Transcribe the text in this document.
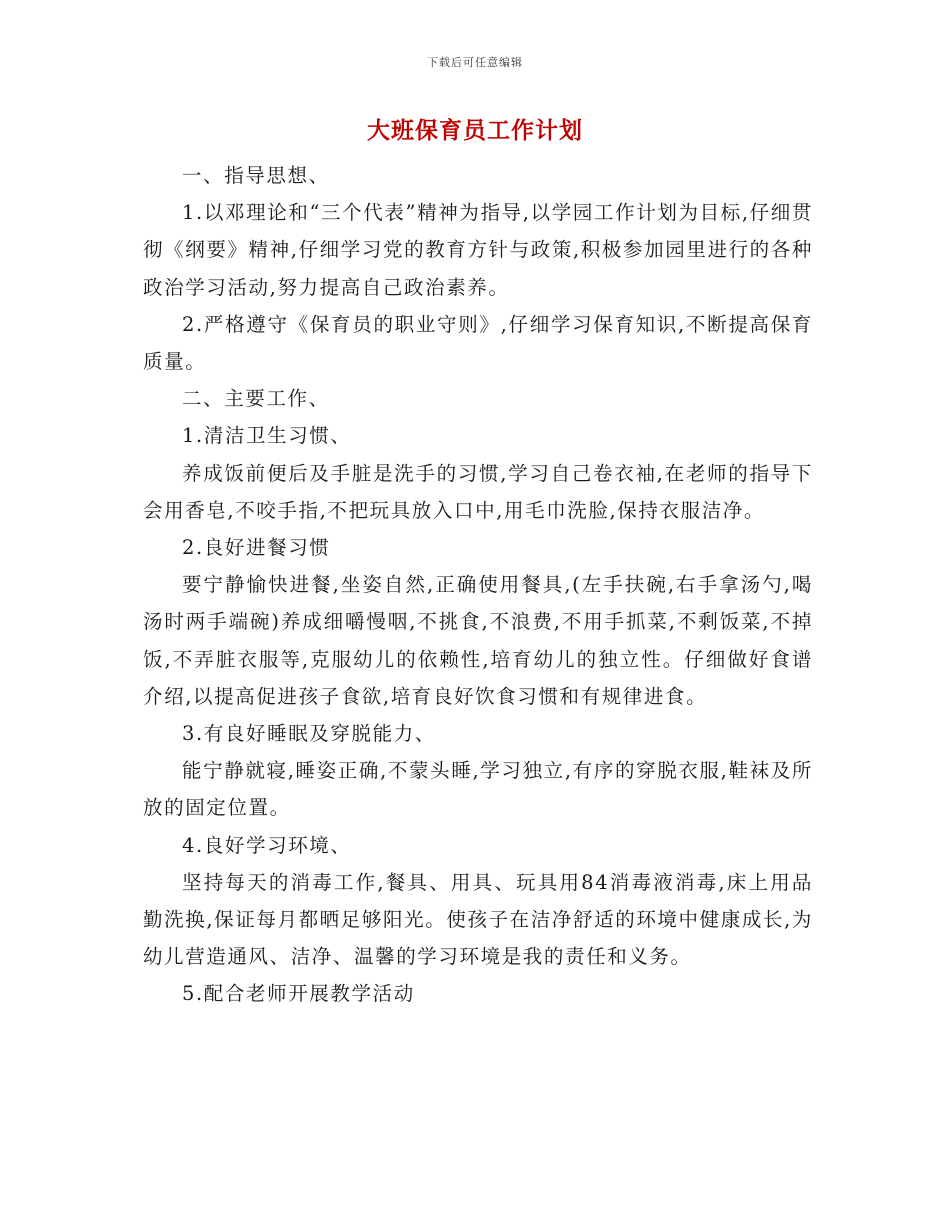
下载后可任意编辑
大班保育员工作计划

一、指导思想、

1.以邓理论和“三个代表”精神为指导,以学园工作计划为目标,仔细贯彻《纲要》精神,仔细学习党的教育方针与政策,积极参加园里进行的各种政治学习活动,努力提高自己政治素养。

2.严格遵守《保育员的职业守则》,仔细学习保育知识,不断提高保育质量。

二、主要工作、

1.清洁卫生习惯、

养成饭前便后及手脏是洗手的习惯,学习自己卷衣袖,在老师的指导下会用香皂,不咬手指,不把玩具放入口中,用毛巾洗脸,保持衣服洁净。

2.良好进餐习惯

要宁静愉快进餐,坐姿自然,正确使用餐具,(左手扶碗,右手拿汤勺,喝汤时两手端碗)养成细嚼慢咽,不挑食,不浪费,不用手抓菜,不剩饭菜,不掉饭,不弄脏衣服等,克服幼儿的依赖性,培育幼儿的独立性。仔细做好食谱介绍,以提高促进孩子食欲,培育良好饮食习惯和有规律进食。

3.有良好睡眠及穿脱能力、

能宁静就寝,睡姿正确,不蒙头睡,学习独立,有序的穿脱衣服,鞋袜及所放的固定位置。

4.良好学习环境、

坚持每天的消毒工作,餐具、用具、玩具用84消毒液消毒,床上用品勤洗换,保证每月都晒足够阳光。使孩子在洁净舒适的环境中健康成长,为幼儿营造通风、洁净、温馨的学习环境是我的责任和义务。

5.配合老师开展教学活动
